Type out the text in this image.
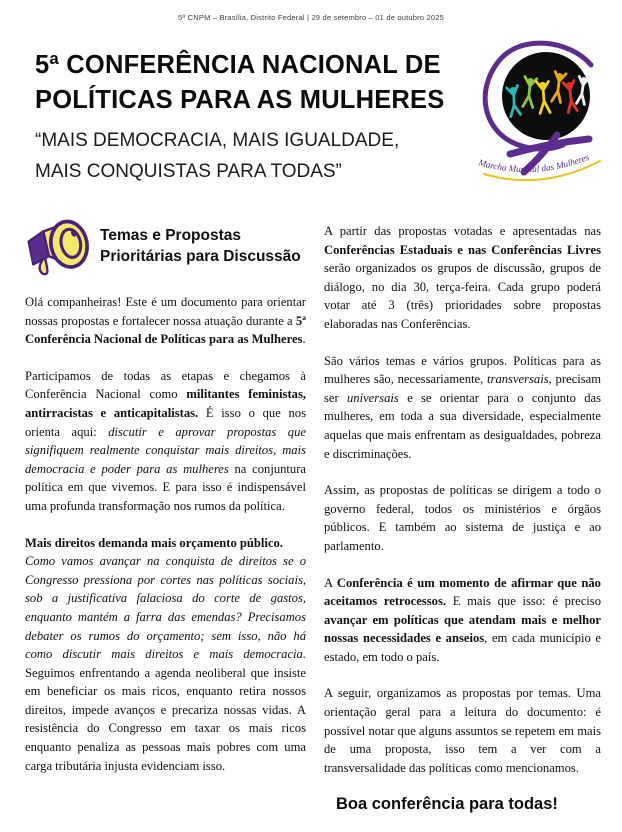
5ª CNPM – Brasília, Distrito Federal | 29 de setembro – 01 de outubro 2025
5ª CONFERÊNCIA NACIONAL DE
POLÍTICAS PARA AS MULHERES
“MAIS DEMOCRACIA, MAIS IGUALDADE,
MAIS CONQUISTAS PARA TODAS”	Marcha Mundial das Mulheres
Temas e Propostas
Prioritárias para Discussão

Olá companheiras! Este é um documento para orientar nossas propostas e fortalecer nossa atuação durante a 5ª Conferência Nacional de Políticas para as Mulheres.

Participamos de todas as etapas e chegamos à Conferência Nacional como militantes feministas, antirracistas e anticapitalistas. É isso o que nos orienta aqui: discutir e aprovar propostas que signifiquem realmente conquistar mais direitos, mais democracia e poder para as mulheres na conjuntura política em que vivemos. E para isso é indispensável uma profunda transformação nos rumos da política.

Mais direitos demanda mais orçamento público.
Como vamos avançar na conquista de direitos se o Congresso pressiona por cortes nas políticas sociais, sob a justificativa falaciosa do corte de gastos, enquanto mantém a farra das emendas? Precisamos debater os rumos do orçamento; sem isso, não há como discutir mais direitos e mais democracia. Seguimos enfrentando a agenda neoliberal que insiste em beneficiar os mais ricos, enquanto retira nossos direitos, impede avanços e precariza nossas vidas. A resistência do Congresso em taxar os mais ricos enquanto penaliza as pessoas mais pobres com uma carga tributária injusta evidenciam isso.

A partir das propostas votadas e apresentadas nas Conferências Estaduais e nas Conferências Livres serão organizados os grupos de discussão, grupos de diálogo, no dia 30, terça-feira. Cada grupo poderá votar até 3 (três) prioridades sobre propostas elaboradas nas Conferências.

São vários temas e vários grupos. Políticas para as mulheres são, necessariamente, transversais, precisam ser universais e se orientar para o conjunto das mulheres, em toda a sua diversidade, especialmente aquelas que mais enfrentam as desigualdades, pobreza e discriminações.

Assim, as propostas de políticas se dirigem a todo o governo federal, todos os ministérios e órgãos públicos. E também ao sistema de justiça e ao parlamento.

A Conferência é um momento de afirmar que não aceitamos retrocessos. E mais que isso: é preciso avançar em políticas que atendam mais e melhor nossas necessidades e anseios, em cada município e estado, em todo o país.

A seguir, organizamos as propostas por temas. Uma orientação geral para a leitura do documento: é possível notar que alguns assuntos se repetem em mais de uma proposta, isso tem a ver com a transversalidade das políticas como mencionamos.

Boa conferência para todas!
